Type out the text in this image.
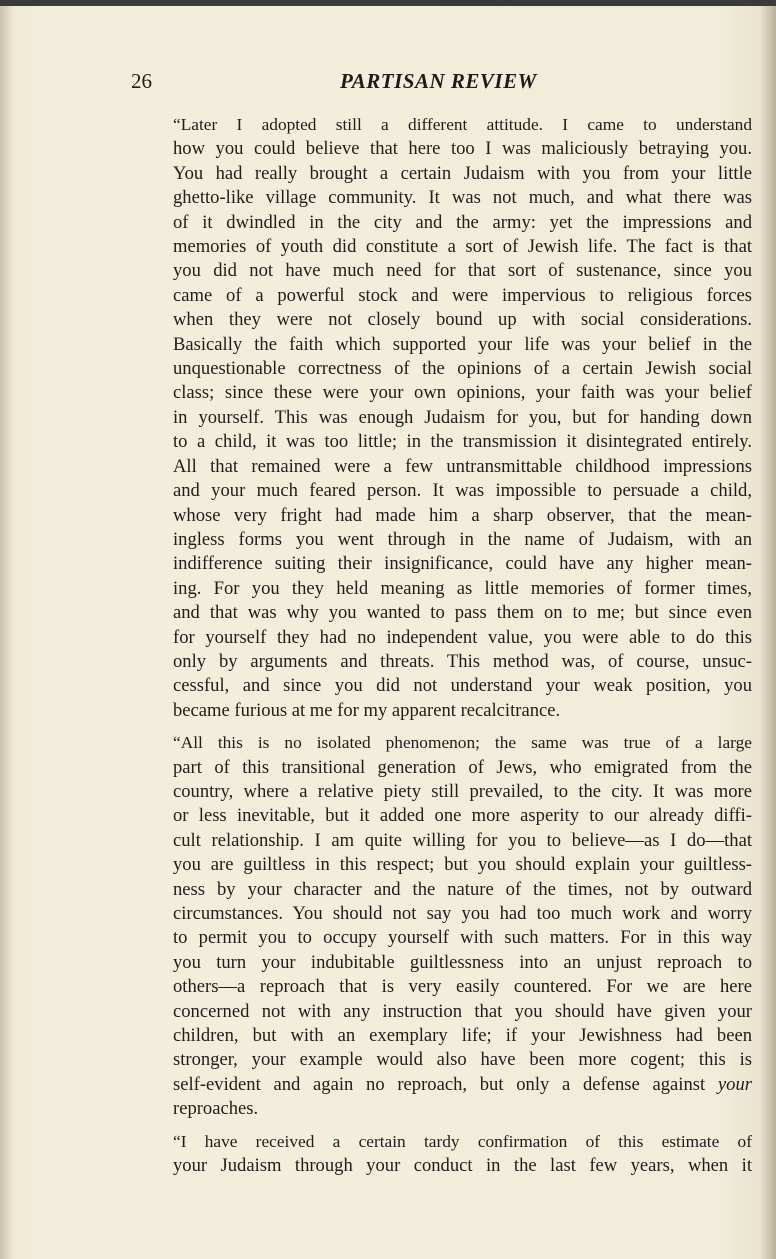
26	PARTISAN REVIEW

“Later I adopted still a different attitude. I came to understand
how you could believe that here too I was maliciously betraying you.
You had really brought a certain Judaism with you from your little
ghetto-like village community. It was not much, and what there was
of it dwindled in the city and the army: yet the impressions and
memories of youth did constitute a sort of Jewish life. The fact is that
you did not have much need for that sort of sustenance, since you
came of a powerful stock and were impervious to religious forces
when they were not closely bound up with social considerations.
Basically the faith which supported your life was your belief in the
unquestionable correctness of the opinions of a certain Jewish social
class; since these were your own opinions, your faith was your belief
in yourself. This was enough Judaism for you, but for handing down
to a child, it was too little; in the transmission it disintegrated entirely.
All that remained were a few untransmittable childhood impressions
and your much feared person. It was impossible to persuade a child,
whose very fright had made him a sharp observer, that the mean-
ingless forms you went through in the name of Judaism, with an
indifference suiting their insignificance, could have any higher mean-
ing. For you they held meaning as little memories of former times,
and that was why you wanted to pass them on to me; but since even
for yourself they had no independent value, you were able to do this
only by arguments and threats. This method was, of course, unsuc-
cessful, and since you did not understand your weak position, you
became furious at me for my apparent recalcitrance.

“All this is no isolated phenomenon; the same was true of a large
part of this transitional generation of Jews, who emigrated from the
country, where a relative piety still prevailed, to the city. It was more
or less inevitable, but it added one more asperity to our already diffi-
cult relationship. I am quite willing for you to believe—as I do—that
you are guiltless in this respect; but you should explain your guiltless-
ness by your character and the nature of the times, not by outward
circumstances. You should not say you had too much work and worry
to permit you to occupy yourself with such matters. For in this way
you turn your indubitable guiltlessness into an unjust reproach to
others—a reproach that is very easily countered. For we are here
concerned not with any instruction that you should have given your
children, but with an exemplary life; if your Jewishness had been
stronger, your example would also have been more cogent; this is
self-evident and again no reproach, but only a defense against your
reproaches.

“I have received a certain tardy confirmation of this estimate of
your Judaism through your conduct in the last few years, when it
